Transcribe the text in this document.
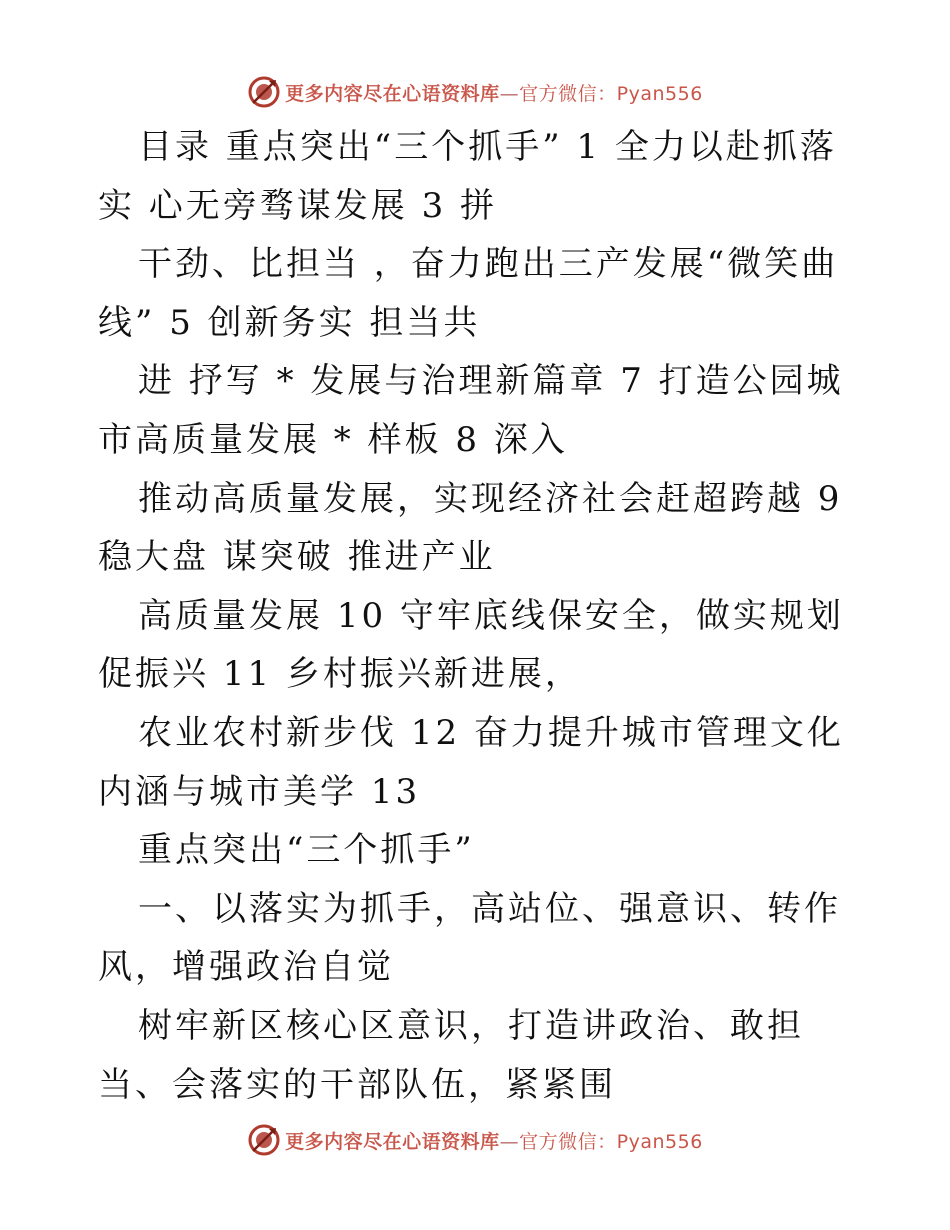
更多内容尽在心语资料库—官方微信：Pyan556

目录 重点突出“三个抓手” 1 全力以赴抓落实 心无旁骛谋发展 3 拼

干劲、比担当 ，奋力跑出三产发展“微笑曲线” 5 创新务实 担当共

进 抒写 * 发展与治理新篇章 7 打造公园城市高质量发展 * 样板 8 深入

推动高质量发展，实现经济社会赶超跨越 9 稳大盘 谋突破 推进产业

高质量发展 10 守牢底线保安全，做实规划促振兴 11 乡村振兴新进展，

农业农村新步伐 12 奋力提升城市管理文化内涵与城市美学 13

重点突出“三个抓手”

一、以落实为抓手，高站位、强意识、转作风，增强政治自觉

树牢新区核心区意识，打造讲政治、敢担当、会落实的干部队伍，紧紧围

更多内容尽在心语资料库—官方微信：Pyan556
